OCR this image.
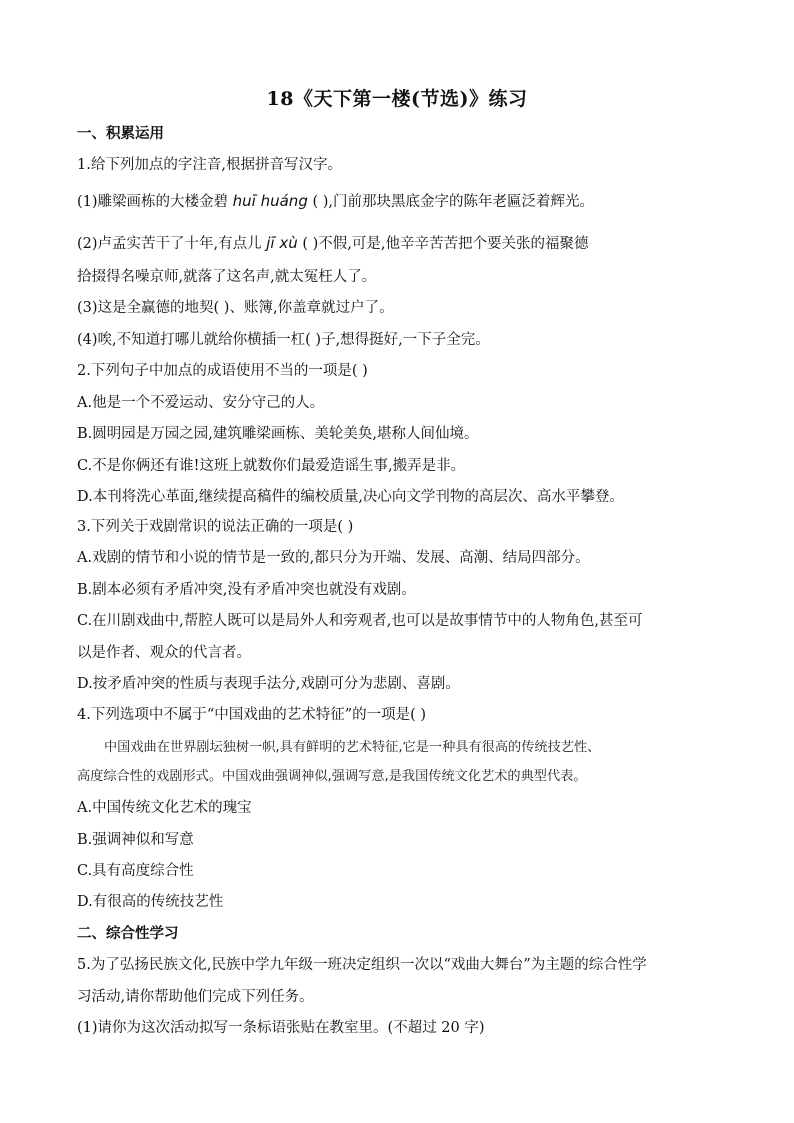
18《天下第一楼(节选)》练习
一、积累运用
1.给下列加点的字注音,根据拼音写汉字。
(1)雕梁画栋的大楼金碧 huī huáng ( ),门前那块黑底金字的陈年老匾泛着辉光。
(2)卢孟实苦干了十年,有点儿 jī xù ( )不假,可是,他辛辛苦苦把个要关张的福聚德
拾掇得名噪京师,就落了这名声,就太冤枉人了。
(3)这是全赢德的地契( )、账簿,你盖章就过户了。
(4)唉,不知道打哪儿就给你横插一杠( )子,想得挺好,一下子全完。
2.下列句子中加点的成语使用不当的一项是( )
A.他是一个不爱运动、安分守己的人。
B.圆明园是万园之园,建筑雕梁画栋、美轮美奂,堪称人间仙境。
C.不是你俩还有谁!这班上就数你们最爱造谣生事,搬弄是非。
D.本刊将洗心革面,继续提高稿件的编校质量,决心向文学刊物的高层次、高水平攀登。
3.下列关于戏剧常识的说法正确的一项是( )
A.戏剧的情节和小说的情节是一致的,都只分为开端、发展、高潮、结局四部分。
B.剧本必须有矛盾冲突,没有矛盾冲突也就没有戏剧。
C.在川剧戏曲中,帮腔人既可以是局外人和旁观者,也可以是故事情节中的人物角色,甚至可
以是作者、观众的代言者。
D.按矛盾冲突的性质与表现手法分,戏剧可分为悲剧、喜剧。
4.下列选项中不属于“中国戏曲的艺术特征”的一项是( )
中国戏曲在世界剧坛独树一帜,具有鲜明的艺术特征,它是一种具有很高的传统技艺性、
高度综合性的戏剧形式。中国戏曲强调神似,强调写意,是我国传统文化艺术的典型代表。
A.中国传统文化艺术的瑰宝
B.强调神似和写意
C.具有高度综合性
D.有很高的传统技艺性
二、综合性学习
5.为了弘扬民族文化,民族中学九年级一班决定组织一次以“戏曲大舞台”为主题的综合性学
习活动,请你帮助他们完成下列任务。
(1)请你为这次活动拟写一条标语张贴在教室里。(不超过 20 字)
